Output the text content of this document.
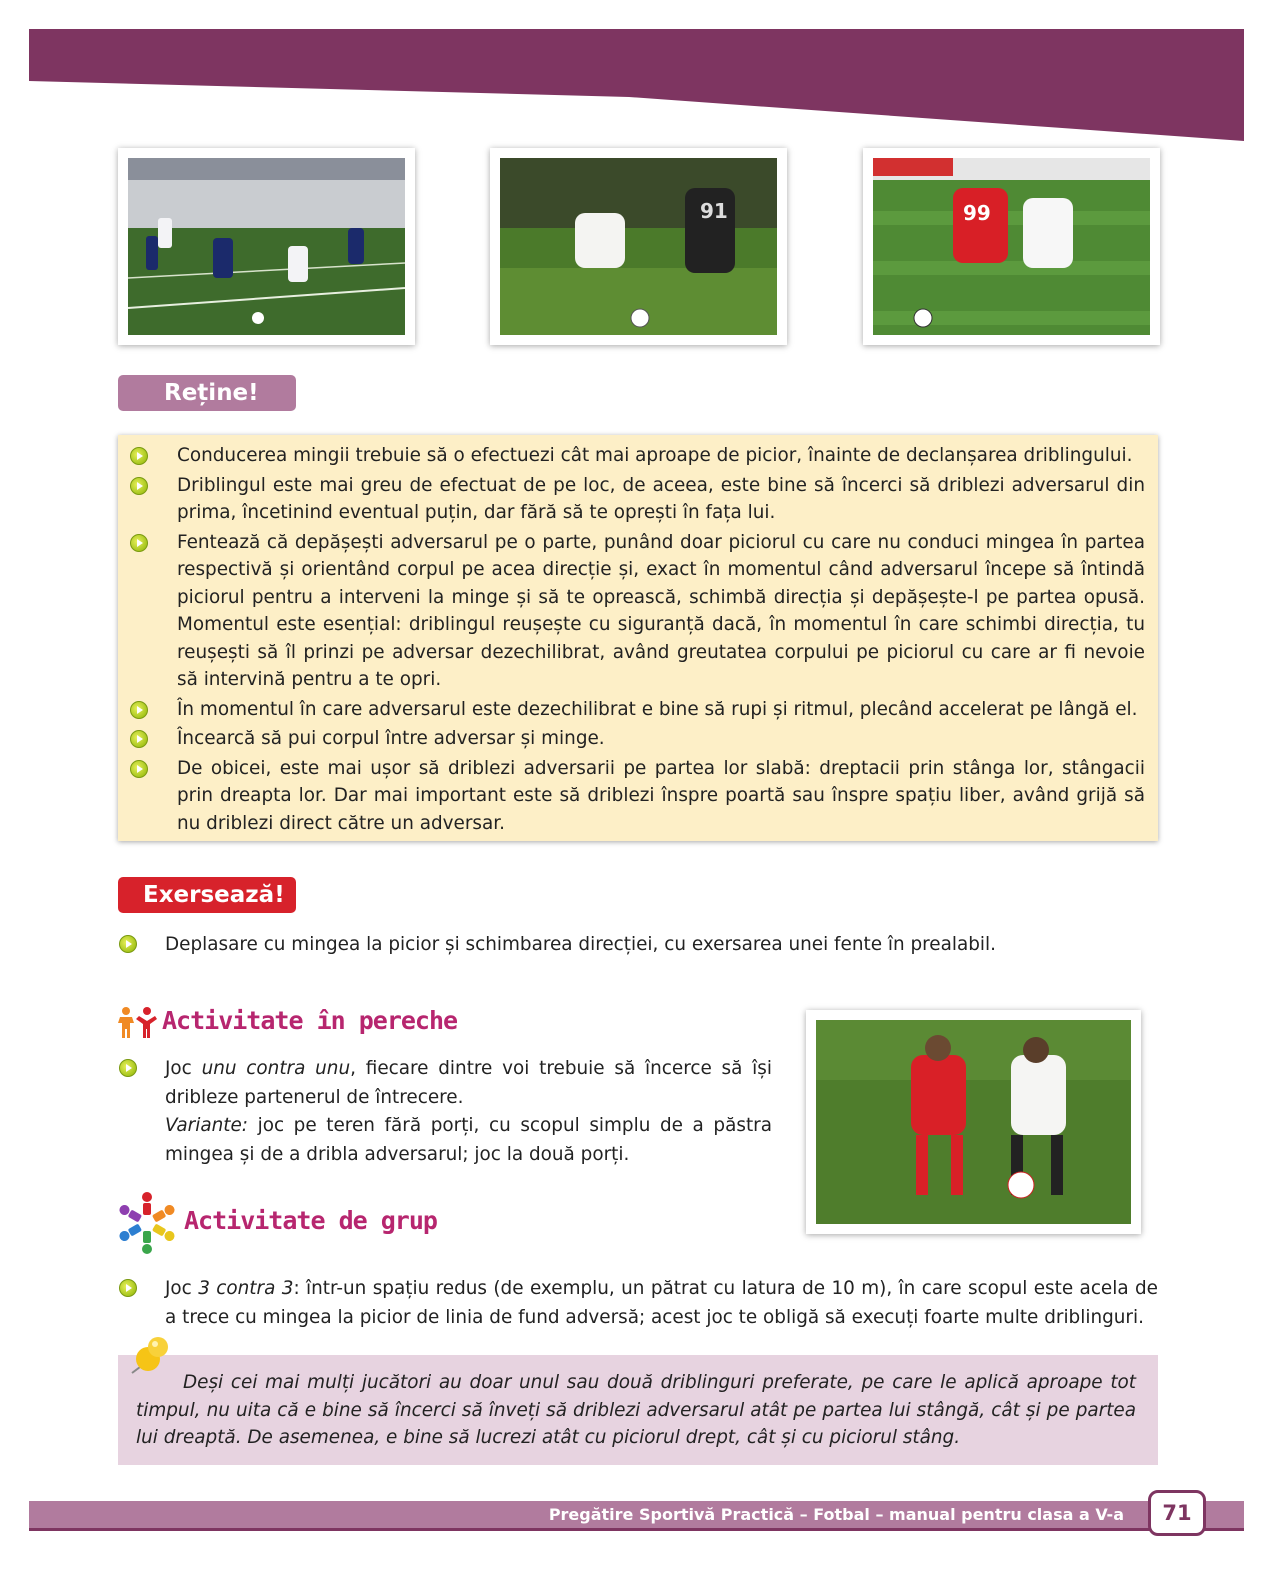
91	99
Reține!
Conducerea mingii trebuie să o efectuezi cât mai aproape de picior, înainte de declanșarea driblingului.
Driblingul este mai greu de efectuat de pe loc, de aceea, este bine să încerci să driblezi adversarul din prima, încetinind eventual puțin, dar fără să te oprești în fața lui.
Fentează că depășești adversarul pe o parte, punând doar piciorul cu care nu conduci mingea în partea respectivă și orientând corpul pe acea direcție și, exact în momentul când adversarul începe să întindă piciorul pentru a interveni la minge și să te oprească, schimbă direcția și depășește-l pe partea opusă. Momentul este esențial: driblingul reușește cu siguranță dacă, în momentul în care schimbi direcția, tu reușești să îl prinzi pe adversar dezechilibrat, având greutatea corpului pe piciorul cu care ar fi nevoie să intervină pentru a te opri.
În momentul în care adversarul este dezechilibrat e bine să rupi și ritmul, plecând accelerat pe lângă el.
Încearcă să pui corpul între adversar și minge.
De obicei, este mai ușor să driblezi adversarii pe partea lor slabă: dreptacii prin stânga lor, stângacii prin dreapta lor. Dar mai important este să driblezi înspre poartă sau înspre spațiu liber, având grijă să nu driblezi direct către un adversar.
Exersează!
Deplasare cu mingea la picior și schimbarea direcției, cu exersarea unei fente în prealabil.
Activitate în pereche
Joc unu contra unu, fiecare dintre voi trebuie să încerce să își dribleze partenerul de întrecere.
Variante: joc pe teren fără porți, cu scopul simplu de a păstra mingea și de a dribla adversarul; joc la două porți.
Activitate de grup
Joc 3 contra 3: într-un spațiu redus (de exemplu, un pătrat cu latura de 10 m), în care scopul este acela de a trece cu mingea la picior de linia de fund adversă; acest joc te obligă să execuți foarte multe driblinguri.
Deși cei mai mulți jucători au doar unul sau două driblinguri preferate, pe care le aplică aproape tot timpul, nu uita că e bine să încerci să înveți să driblezi adversarul atât pe partea lui stângă, cât și pe partea lui dreaptă. De asemenea, e bine să lucrezi atât cu piciorul drept, cât și cu piciorul stâng.
Pregătire Sportivă Practică – Fotbal – manual pentru clasa a V-a	71
